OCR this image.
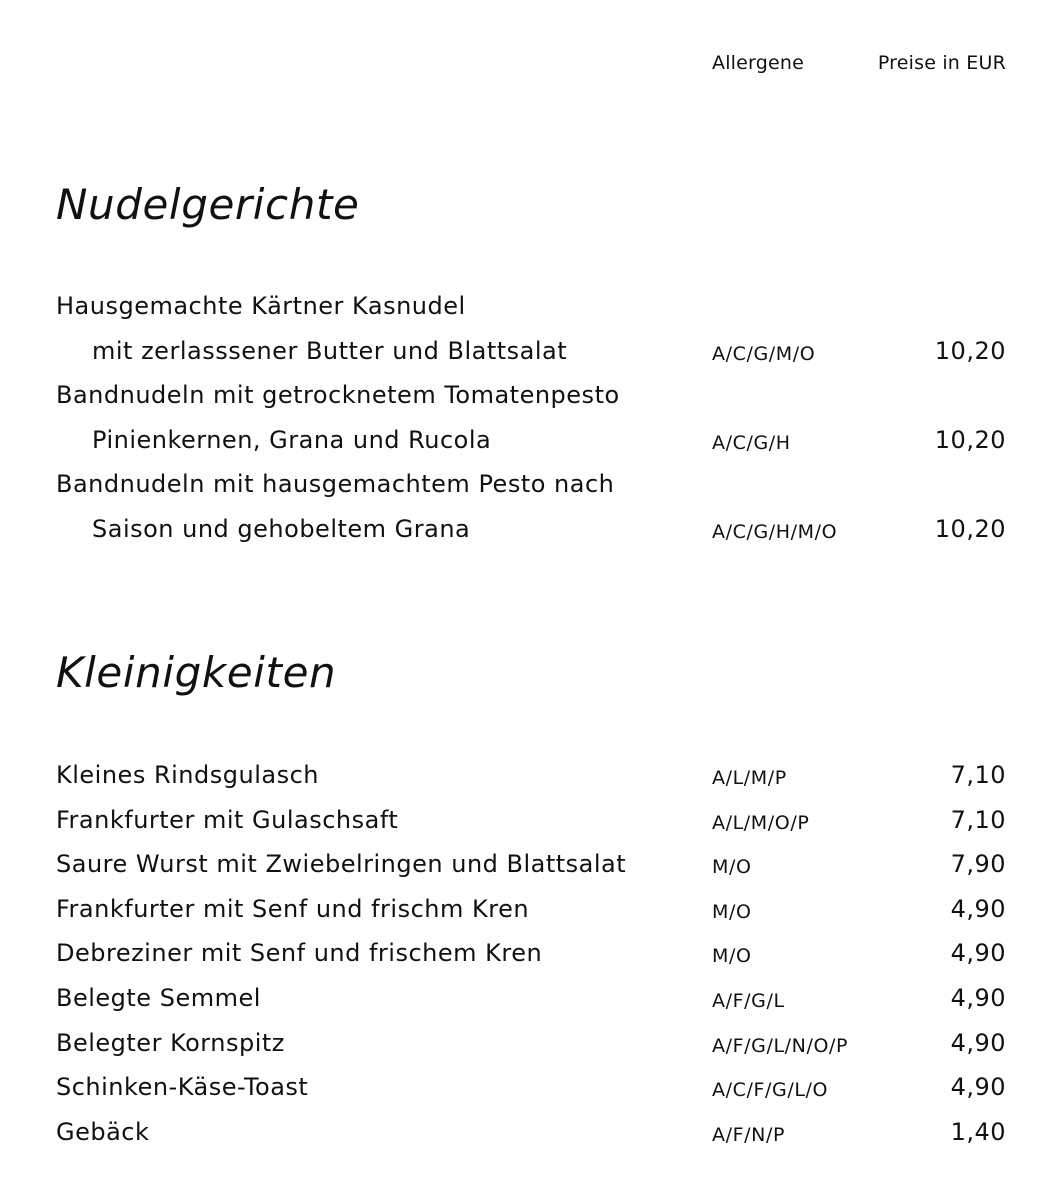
Allergene	Preise in EUR
Nudelgerichte
Hausgemachte Kärtner Kasnudel
mit zerlasssener Butter und Blattsalat	A/C/G/M/O	10,20
Bandnudeln mit getrocknetem Tomatenpesto
Pinienkernen, Grana und Rucola	A/C/G/H	10,20
Bandnudeln mit hausgemachtem Pesto nach
Saison und gehobeltem Grana	A/C/G/H/M/O	10,20
Kleinigkeiten
Kleines Rindsgulasch	A/L/M/P	7,10
Frankfurter mit Gulaschsaft	A/L/M/O/P	7,10
Saure Wurst mit Zwiebelringen und Blattsalat	M/O	7,90
Frankfurter mit Senf und frischm Kren	M/O	4,90
Debreziner mit Senf und frischem Kren	M/O	4,90
Belegte Semmel	A/F/G/L	4,90
Belegter Kornspitz	A/F/G/L/N/O/P	4,90
Schinken-Käse-Toast	A/C/F/G/L/O	4,90
Gebäck	A/F/N/P	1,40
